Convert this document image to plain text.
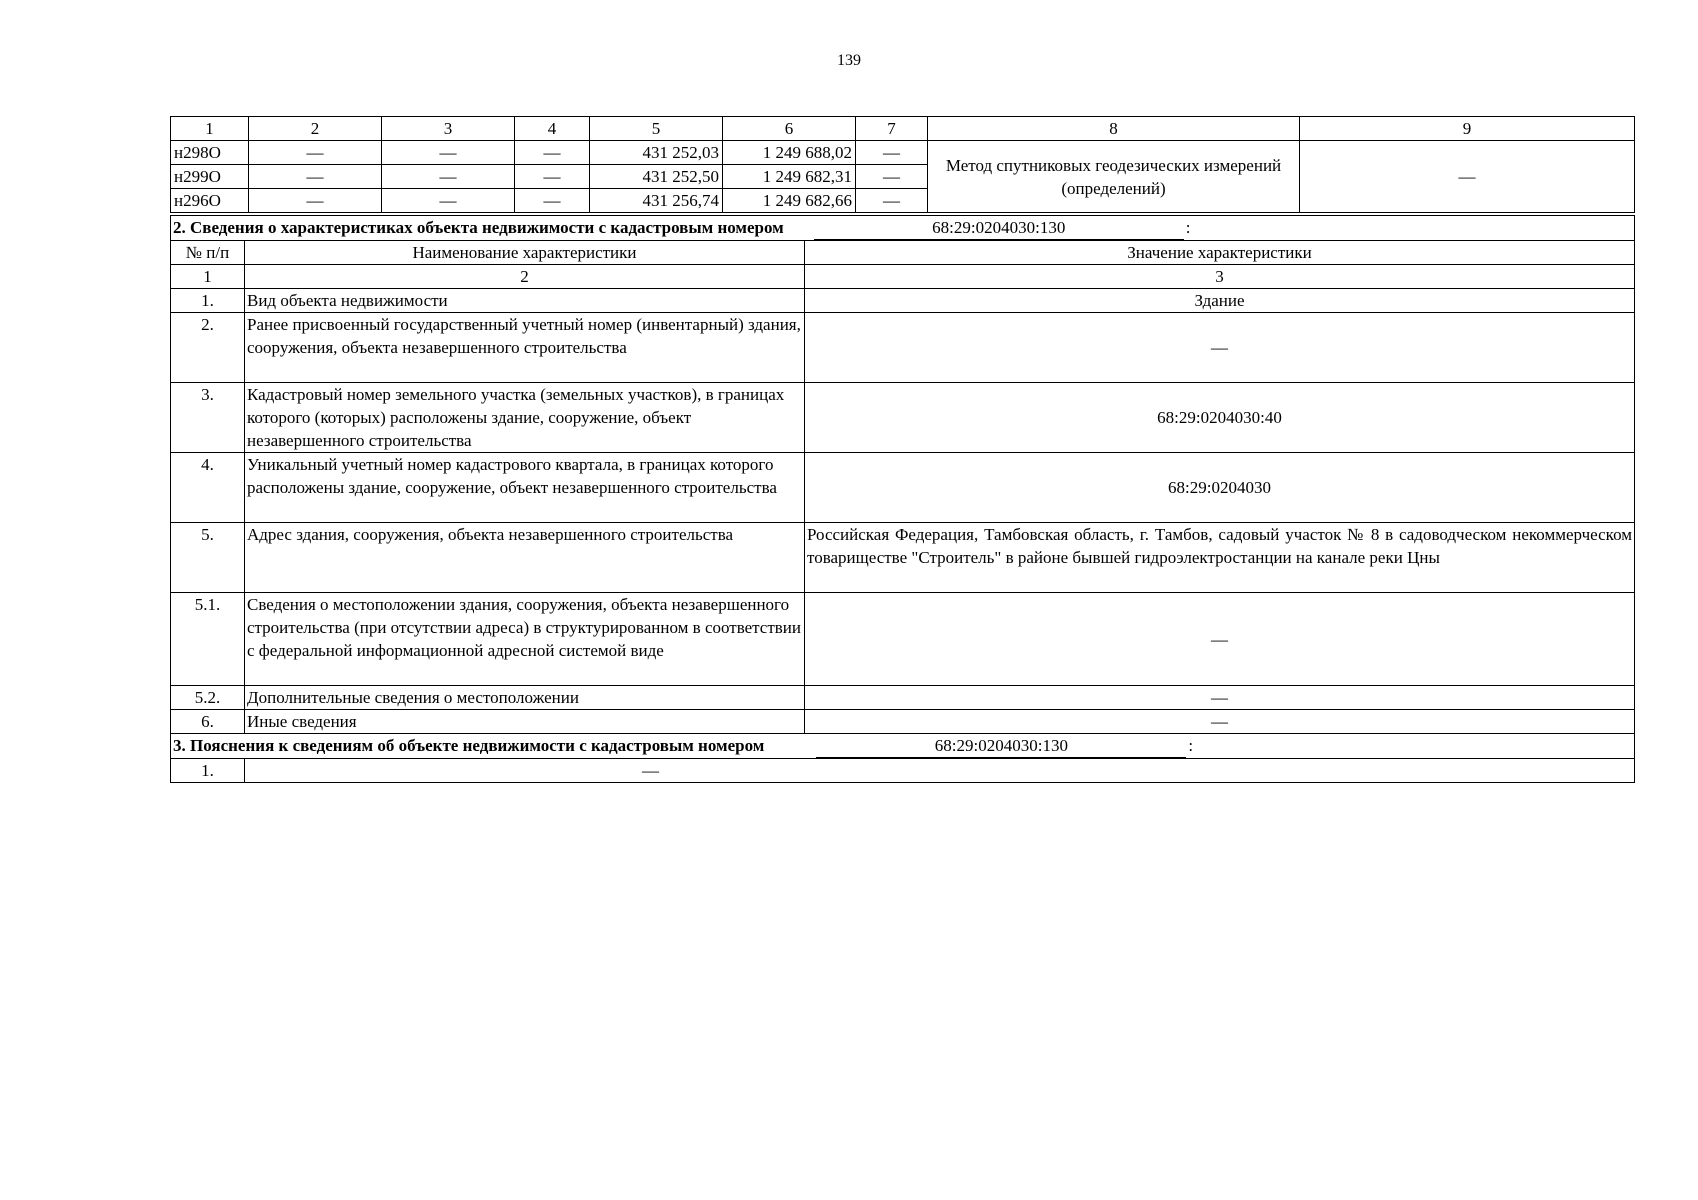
139
1	2	3	4	5	6	7	8	9
н298О	—	—	—	431 252,03	1 249 688,02	—	Метод спутниковых геодезических измерений (определений)	—
н299О	—	—	—	431 252,50	1 249 682,31	—		
н296О	—	—	—	431 256,74	1 249 682,66	—		
2. Сведения о характеристиках объекта недвижимости с кадастровым номером 68:29:0204030:130 :		

№ п/п	Наименование характеристики	Значение характеристики
1	2	3
1.	Вид объекта недвижимости	Здание
2.	Ранее присвоенный государственный учетный номер (инвентарный) здания, сооружения, объекта незавершенного строительства	—
3.	Кадастровый номер земельного участка (земельных участков), в границах которого (которых) расположены здание, сооружение, объект незавершенного строительства	68:29:0204030:40
4.	Уникальный учетный номер кадастрового квартала, в границах которого расположены здание, сооружение, объект незавершенного строительства	68:29:0204030
5.	Адрес здания, сооружения, объекта незавершенного строительства	Российская Федерация, Тамбовская область, г. Тамбов, садовый участок № 8 в садоводческом некоммерческом товариществе "Строитель" в районе бывшей гидроэлектростанции на канале реки Цны
5.1.	Сведения о местоположении здания, сооружения, объекта незавершенного строительства (при отсутствии адреса) в структурированном в соответствии с федеральной информационной адресной системой виде	—
5.2.	Дополнительные сведения о местоположении	—
6.	Иные сведения	—

3. Пояснения к сведениям об объекте недвижимости с кадастровым номером 68:29:0204030:130 :		

1.	—	
